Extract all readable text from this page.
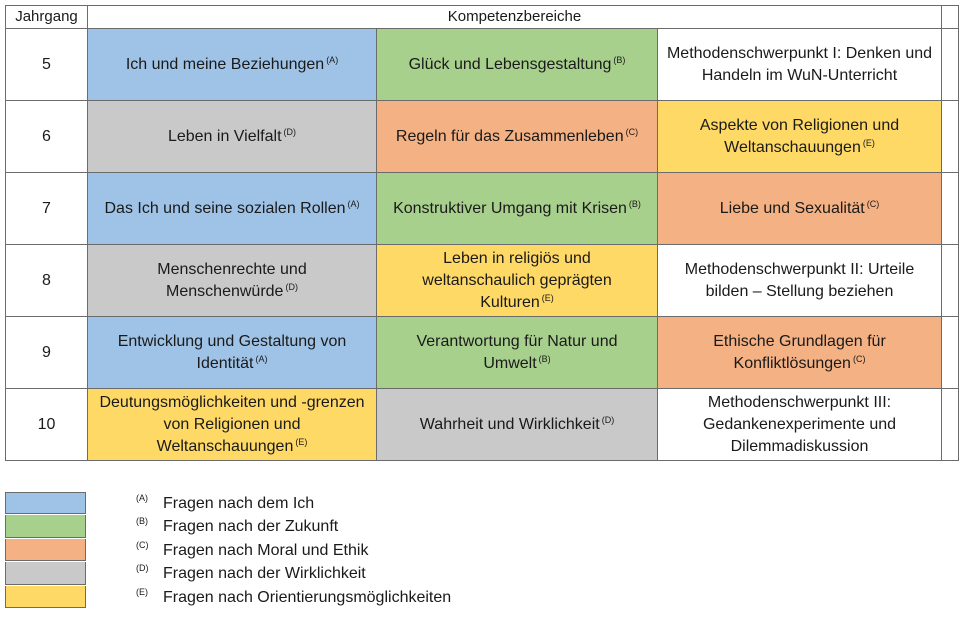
Jahrgang	Kompetenzbereiche			
5	Ich und meine Beziehungen $^{(A)}$	Glück und Lebensgestaltung $^{(B)}$	Methodenschwerpunkt I: Denken und Handeln im WuN-Unterricht	
6	Leben in Vielfalt $^{(D)}$	Regeln für das Zusammenleben $^{(C)}$	Aspekte von Religionen und Weltanschauungen $^{(E)}$	
7	Das Ich und seine sozialen Rollen $^{(A)}$	Konstruktiver Umgang mit Krisen $^{(B)}$	Liebe und Sexualität $^{(C)}$	
8	Menschenrechte und Menschenwürde $^{(D)}$	Leben in religiös und weltanschaulich geprägten Kulturen $^{(E)}$	Methodenschwerpunkt II: Urteile bilden – Stellung beziehen	
9	Entwicklung und Gestaltung von Identität $^{(A)}$	Verantwortung für Natur und Umwelt $^{(B)}$	Ethische Grundlagen für Konfliktlösungen $^{(C)}$	
10	Deutungsmöglichkeiten und -grenzen von Religionen und Weltanschauungen $^{(E)}$	Wahrheit und Wirklichkeit $^{(D)}$	Methodenschwerpunkt III: Gedankenexperimente und Dilemmadiskussion	
(A) Fragen nach dem Ich
(B) Fragen nach der Zukunft
(C) Fragen nach Moral und Ethik
(D) Fragen nach der Wirklichkeit
(E) Fragen nach Orientierungsmöglichkeiten
